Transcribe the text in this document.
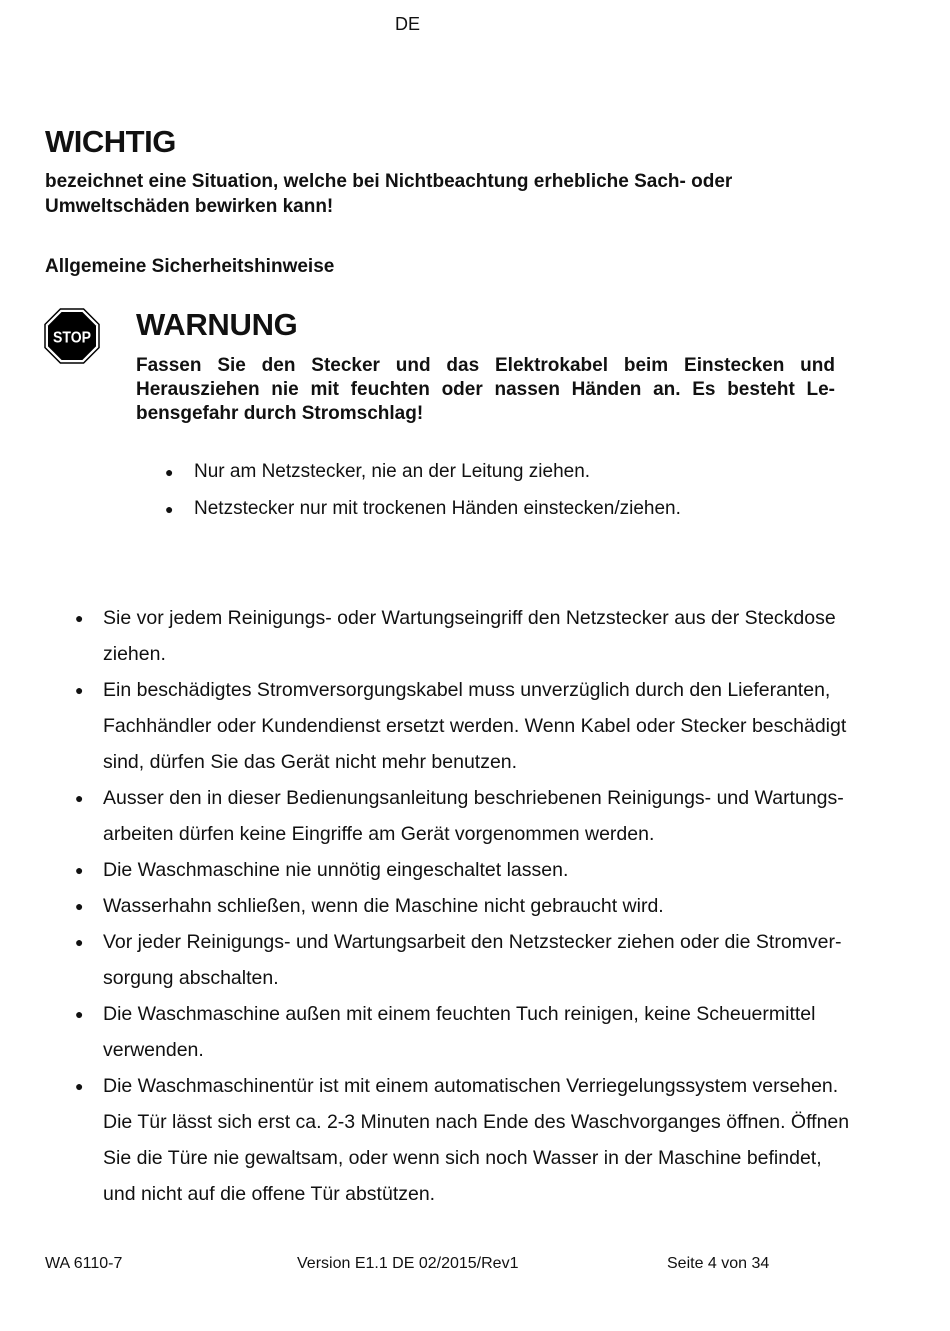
DE
WICHTIG
bezeichnet eine Situation, welche bei Nichtbeachtung erhebliche Sach- oder
Umweltschäden bewirken kann!
Allgemeine Sicherheitshinweise
STOP WARNUNG
Fassen Sie den Stecker und das Elektrokabel beim Einstecken und
Herausziehen nie mit feuchten oder nassen Händen an. Es besteht Le-
bensgefahr durch Stromschlag!
● Nur am Netzstecker, nie an der Leitung ziehen.
● Netzstecker nur mit trockenen Händen einstecken/ziehen.
● Sie vor jedem Reinigungs- oder Wartungseingriff den Netzstecker aus der Steckdose
ziehen.
● Ein beschädigtes Stromversorgungskabel muss unverzüglich durch den Lieferanten,
Fachhändler oder Kundendienst ersetzt werden. Wenn Kabel oder Stecker beschädigt
sind, dürfen Sie das Gerät nicht mehr benutzen.
● Ausser den in dieser Bedienungsanleitung beschriebenen Reinigungs- und Wartungs-
arbeiten dürfen keine Eingriffe am Gerät vorgenommen werden.
● Die Waschmaschine nie unnötig eingeschaltet lassen.
● Wasserhahn schließen, wenn die Maschine nicht gebraucht wird.
● Vor jeder Reinigungs- und Wartungsarbeit den Netzstecker ziehen oder die Stromver-
sorgung abschalten.
● Die Waschmaschine außen mit einem feuchten Tuch reinigen, keine Scheuermittel
verwenden.
● Die Waschmaschinentür ist mit einem automatischen Verriegelungssystem versehen.
Die Tür lässt sich erst ca. 2-3 Minuten nach Ende des Waschvorganges öffnen. Öffnen
Sie die Türe nie gewaltsam, oder wenn sich noch Wasser in der Maschine befindet,
und nicht auf die offene Tür abstützen.
WA 6110-7	Version E1.1 DE 02/2015/Rev1	Seite 4 von 34
